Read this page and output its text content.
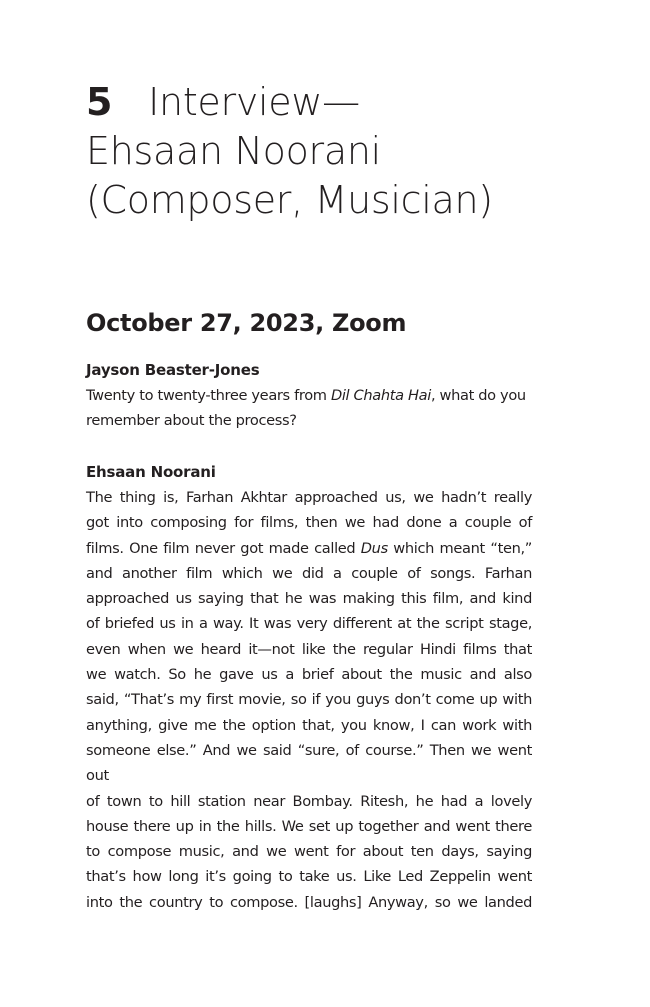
5 Interview—
Ehsaan Noorani
(Composer, Musician)
October 27, 2023, Zoom
Jayson Beaster-Jones

Twenty to twenty-three years from Dil Chahta Hai, what do you
remember about the process?

Ehsaan Noorani

The thing is, Farhan Akhtar approached us, we hadn’t really
got into composing for films, then we had done a couple of
films. One film never got made called Dus which meant “ten,”
and another film which we did a couple of songs. Farhan
approached us saying that he was making this film, and kind
of briefed us in a way. It was very different at the script stage,
even when we heard it—not like the regular Hindi films that
we watch. So he gave us a brief about the music and also
said, “That’s my first movie, so if you guys don’t come up with
anything, give me the option that, you know, I can work with
someone else.” And we said “sure, of course.” Then we went out
of town to hill station near Bombay. Ritesh, he had a lovely
house there up in the hills. We set up together and went there
to compose music, and we went for about ten days, saying
that’s how long it’s going to take us. Like Led Zeppelin went
into the country to compose. [laughs] Anyway, so we landed
